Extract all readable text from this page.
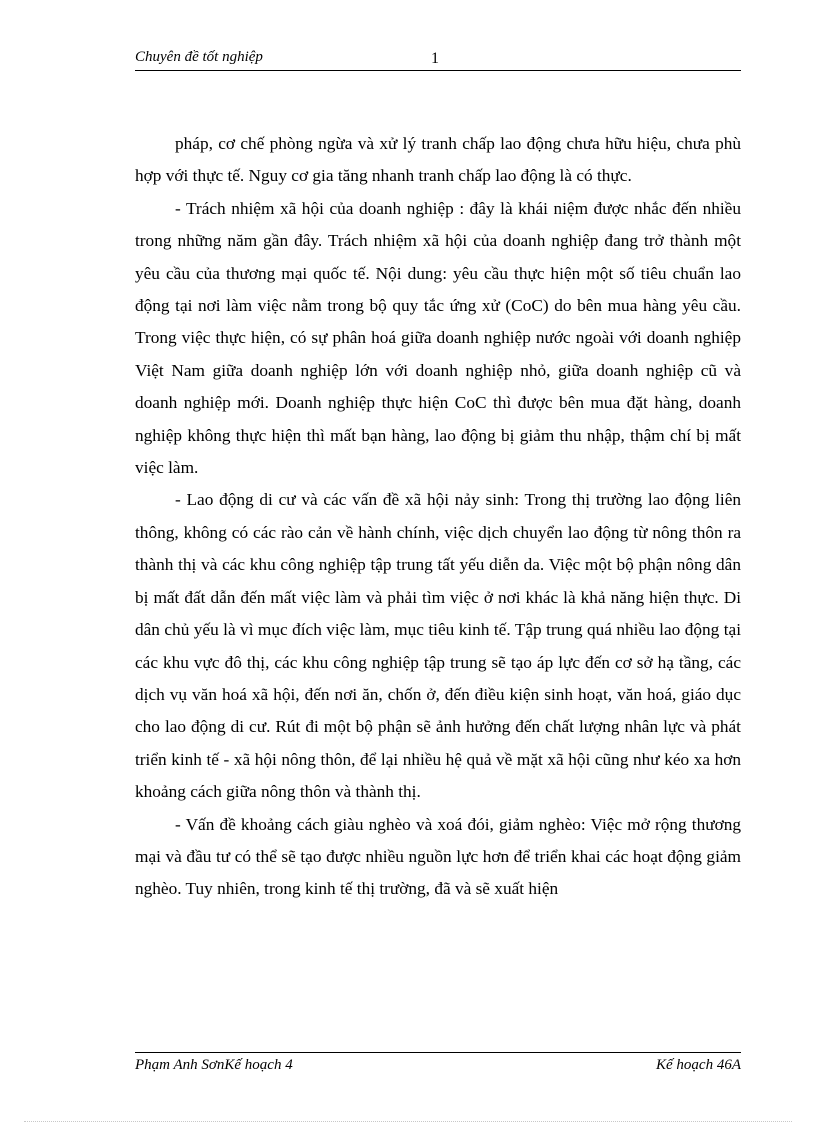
Chuyên đề tốt nghiệp	1

pháp, cơ chế phòng ngừa và xử lý tranh chấp lao động chưa hữu hiệu, chưa phù hợp với thực tế. Nguy cơ gia tăng nhanh tranh chấp lao động là có thực.

- Trách nhiệm xã hội của doanh nghiệp : đây là khái niệm được nhắc đến nhiều trong những năm gần đây. Trách nhiệm xã hội của doanh nghiệp đang trở thành một yêu cầu của thương mại quốc tế. Nội dung: yêu cầu thực hiện một số tiêu chuẩn lao động tại nơi làm việc nằm trong bộ quy tắc ứng xử (CoC) do bên mua hàng yêu cầu. Trong việc thực hiện, có sự phân hoá giữa doanh nghiệp nước ngoài với doanh nghiệp Việt Nam giữa doanh nghiệp lớn với doanh nghiệp nhỏ, giữa doanh nghiệp cũ và doanh nghiệp mới. Doanh nghiệp thực hiện CoC thì được bên mua đặt hàng, doanh nghiệp không thực hiện thì mất bạn hàng, lao động bị giảm thu nhập, thậm chí bị mất việc làm.

- Lao động di cư và các vấn đề xã hội nảy sinh: Trong thị trường lao động liên thông, không có các rào cản về hành chính, việc dịch chuyển lao động từ nông thôn ra thành thị và các khu công nghiệp tập trung tất yếu diễn da. Việc một bộ phận nông dân bị mất đất dẫn đến mất việc làm và phải tìm việc ở nơi khác là khả năng hiện thực. Di dân chủ yếu là vì mục đích việc làm, mục tiêu kinh tế. Tập trung quá nhiều lao động tại các khu vực đô thị, các khu công nghiệp tập trung sẽ tạo áp lực đến cơ sở hạ tầng, các dịch vụ văn hoá xã hội, đến nơi ăn, chốn ở, đến điều kiện sinh hoạt, văn hoá, giáo dục cho lao động di cư. Rút đi một bộ phận sẽ ảnh hưởng đến chất lượng nhân lực và phát triển kinh tế - xã hội nông thôn, để lại nhiều hệ quả về mặt xã hội cũng như kéo xa hơn khoảng cách giữa nông thôn và thành thị.

- Vấn đề khoảng cách giàu nghèo và xoá đói, giảm nghèo: Việc mở rộng thương mại và đầu tư có thể sẽ tạo được nhiều nguồn lực hơn để triển khai các hoạt động giảm nghèo. Tuy nhiên, trong kinh tế thị trường, đã và sẽ xuất hiện

Phạm Anh SơnKế hoạch 4	Kế hoạch 46A
